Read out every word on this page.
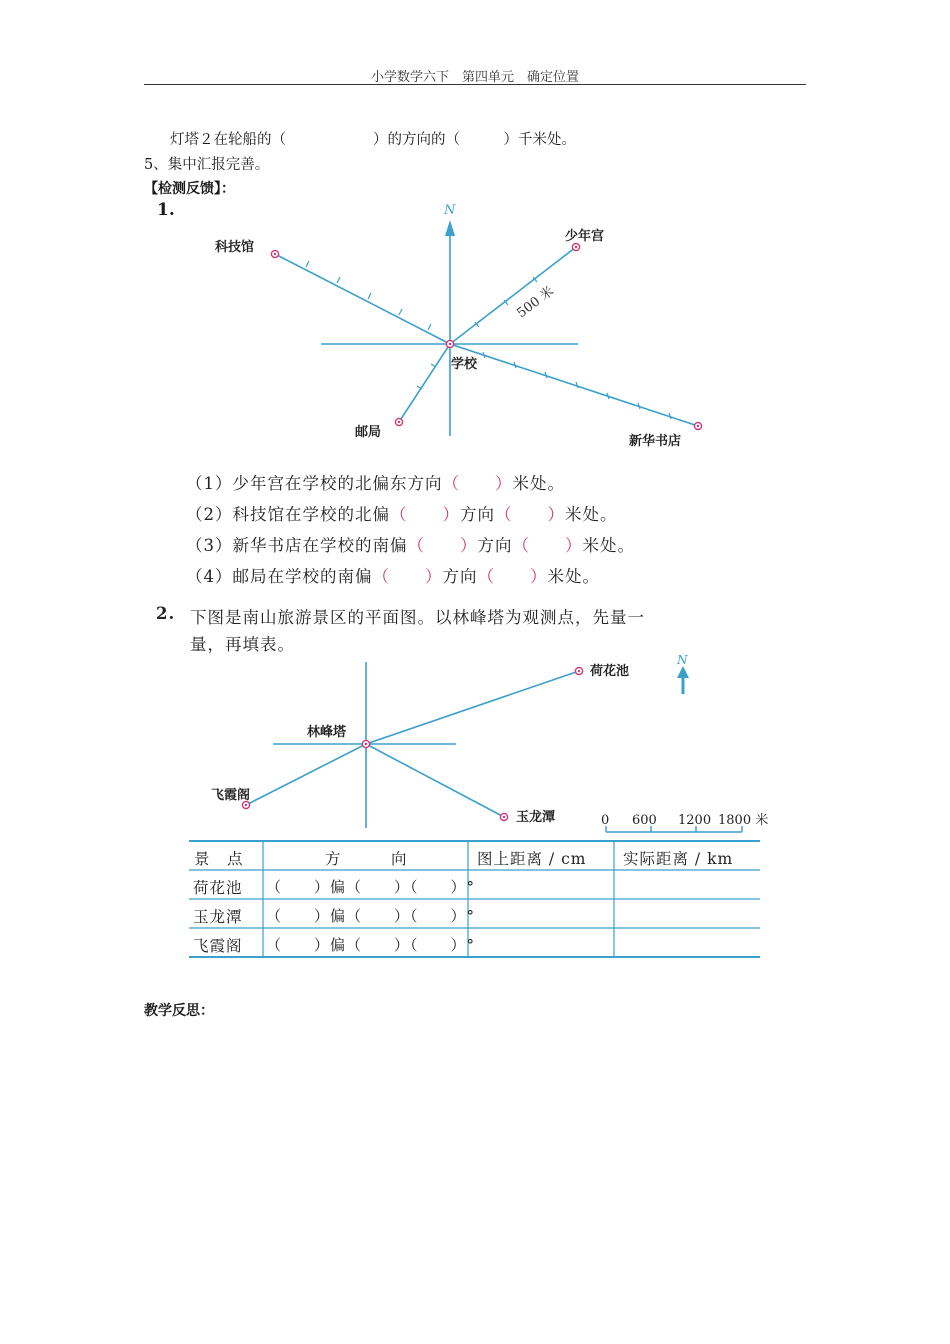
小学数学六下　第四单元　确定位置
灯塔２在轮船的（　　　　　　）的方向的（　　　）千米处。
5、集中汇报完善。
【检测反馈】：
1.	N
学校
科技馆
少年宫
邮局
新华书店
500 米
（1）少年宫在学校的北偏东方向（　　）米处。
（2）科技馆在学校的北偏（　　）方向（　　）米处。
（3）新华书店在学校的南偏（　　）方向（　　）米处。
（4）邮局在学校的南偏（　　）方向（　　）米处。
2. 下图是南山旅游景区的平面图。以林峰塔为观测点，先量一
量，再填表。
林峰塔
荷花池
玉龙潭
飞霞阁
N
0 600 1200 1800 米
景　点	方　　　向	图上距离 / cm 实际距离 / km
荷花池 （　　）偏（　　）（　　）°
玉龙潭 （　　）偏（　　）（　　）°
飞霞阁 （　　）偏（　　）（　　）°
教学反思：
